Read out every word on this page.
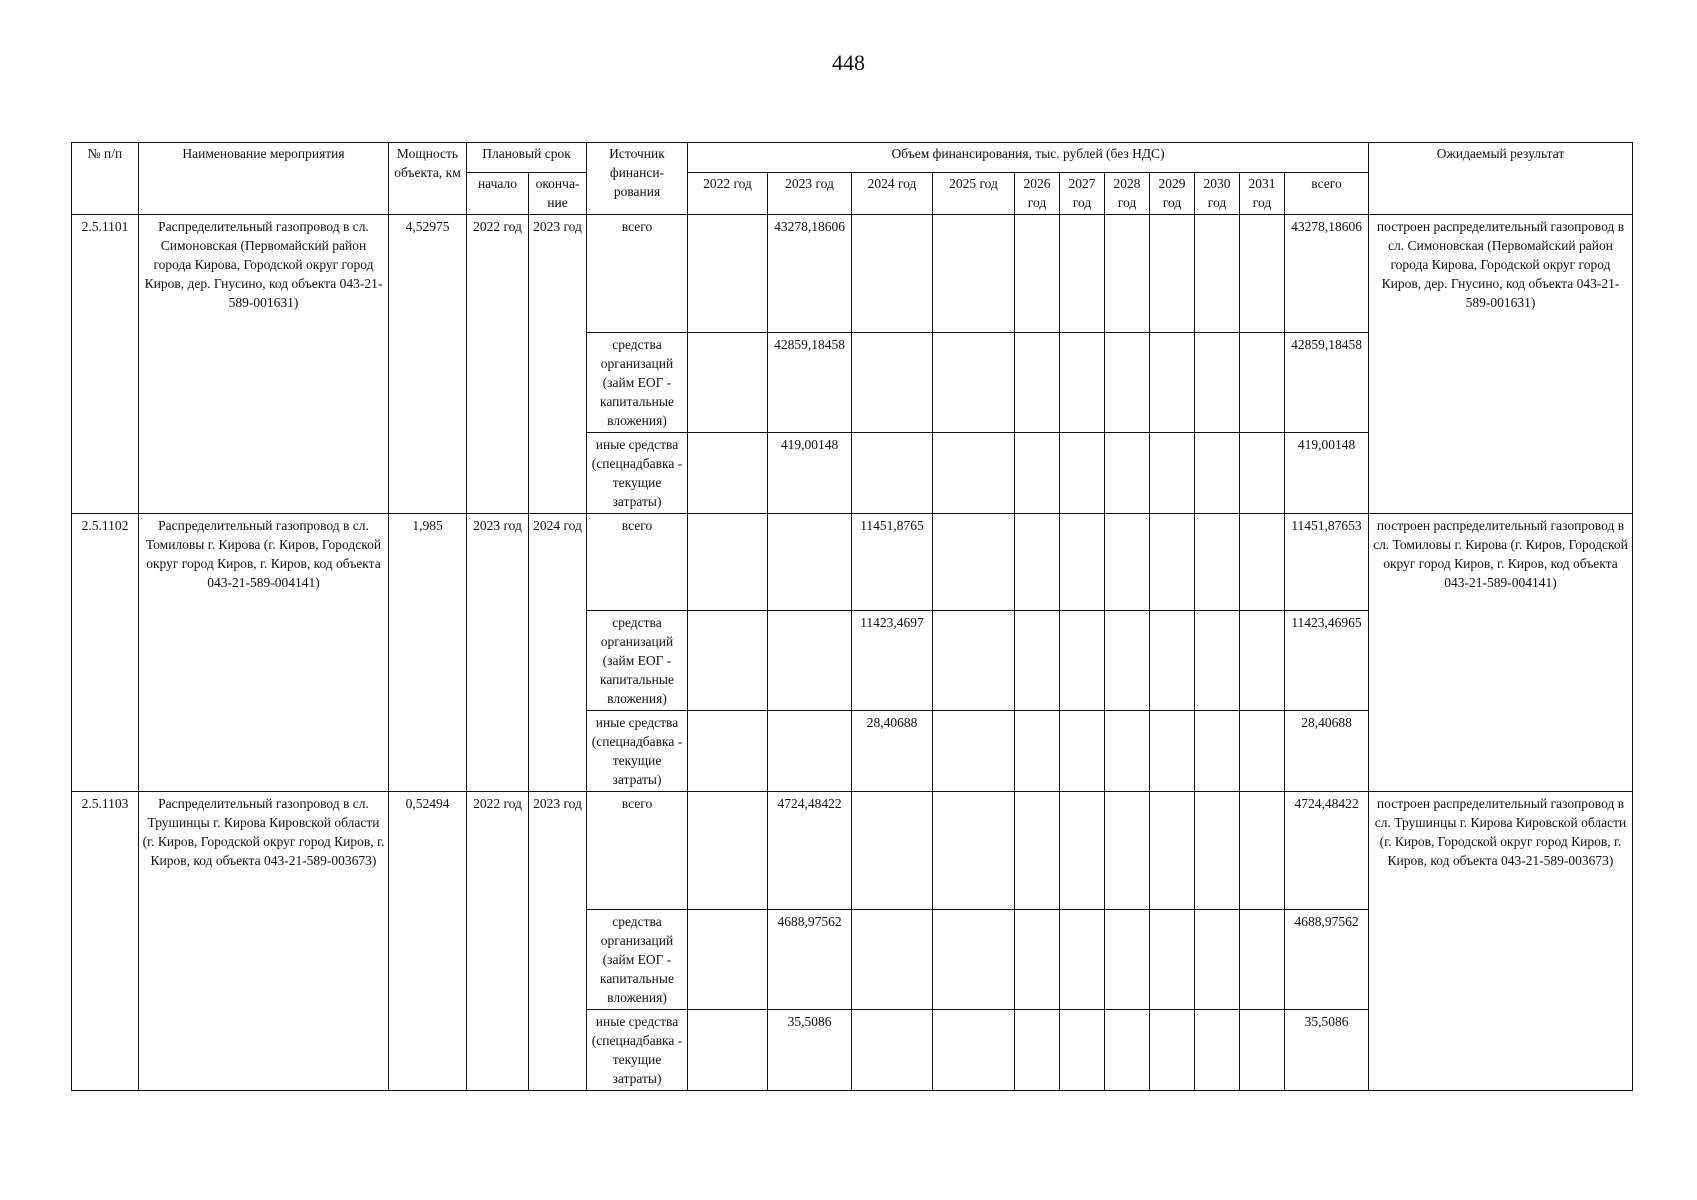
448
№ п/п	Наименование мероприятия	Мощность объекта, км	Плановый срок		Источник финанси-рования	Объем финансирования, тыс. рублей (без НДС)											Ожидаемый результат
			начало	оконча-ние		2022 год	2023 год	2024 год	2025 год	2026 год	2027 год	2028 год	2029 год	2030 год	2031 год	всего	
2.5.1101	Распределительный газопровод в сл. Симоновская (Первомайский район города Кирова, Городской округ город Киров, дер. Гнусино, код объекта 043-21-589-001631)	4,52975	2022 год	2023 год	всего		43278,18606									43278,18606	построен распределительный газопровод в сл. Симоновская (Первомайский район города Кирова, Городской округ город Киров, дер. Гнусино, код объекта 043-21-589-001631)
					средства организаций (займ ЕОГ - капитальные вложения)		42859,18458									42859,18458	
					иные средства (спецнадбавка - текущие затраты)		419,00148									419,00148	
2.5.1102	Распределительный газопровод в сл. Томиловы г. Кирова (г. Киров, Городской округ город Киров, г. Киров, код объекта 043-21-589-004141)	1,985	2023 год	2024 год	всего			11451,8765								11451,87653	построен распределительный газопровод в сл. Томиловы г. Кирова (г. Киров, Городской округ город Киров, г. Киров, код объекта 043-21-589-004141)
					средства организаций (займ ЕОГ - капитальные вложения)			11423,4697								11423,46965	
					иные средства (спецнадбавка - текущие затраты)			28,40688								28,40688	
2.5.1103	Распределительный газопровод в сл. Трушинцы г. Кирова Кировской области (г. Киров, Городской округ город Киров, г. Киров, код объекта 043-21-589-003673)	0,52494	2022 год	2023 год	всего		4724,48422									4724,48422	построен распределительный газопровод в сл. Трушинцы г. Кирова Кировской области (г. Киров, Городской округ город Киров, г. Киров, код объекта 043-21-589-003673)
					средства организаций (займ ЕОГ - капитальные вложения)		4688,97562									4688,97562	
					иные средства (спецнадбавка - текущие затраты)		35,5086									35,5086	
